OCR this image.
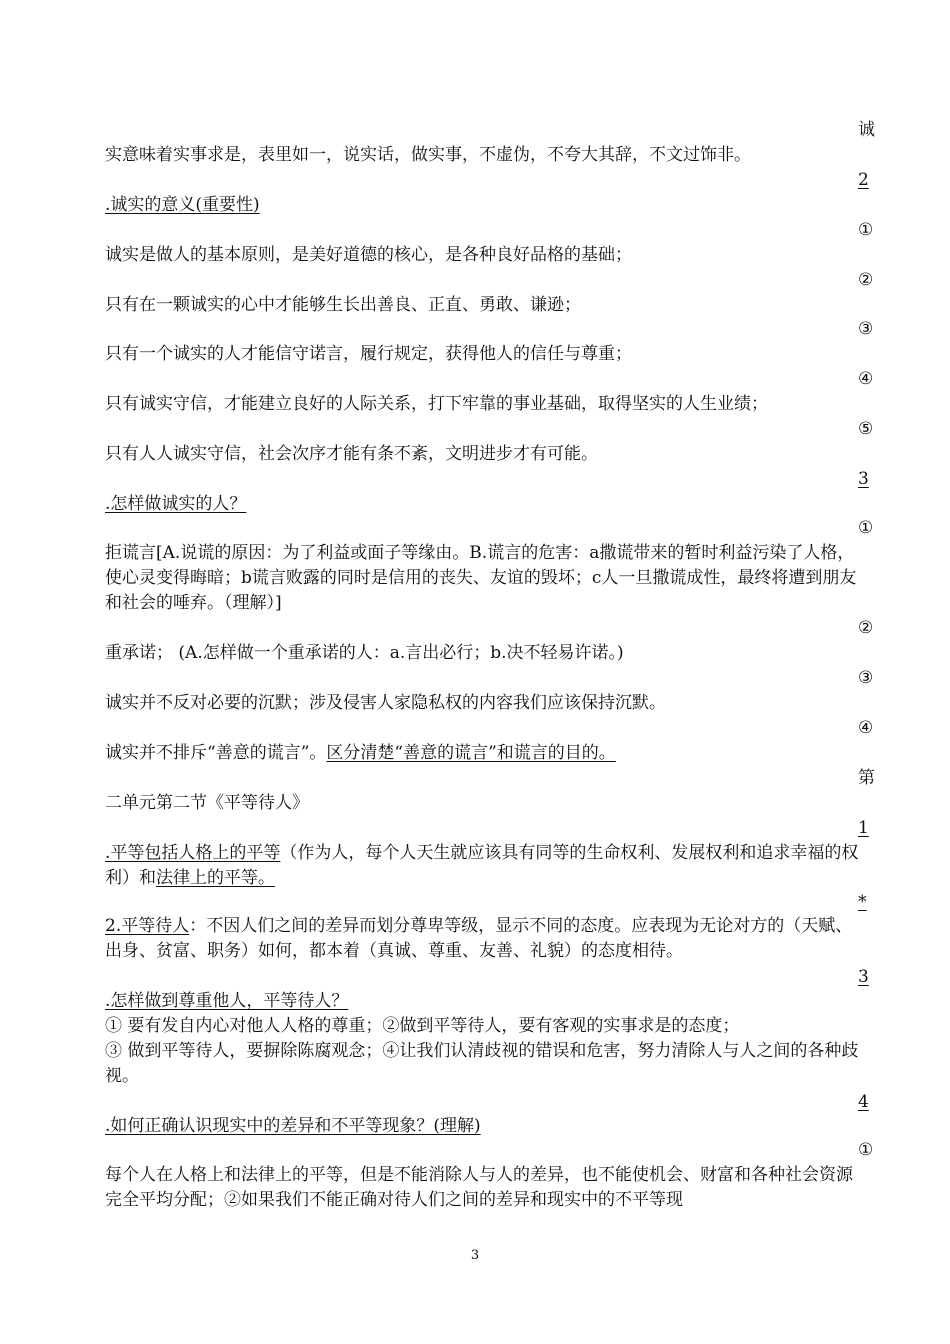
诚
2
①
②
③
④
⑤
3
①
②
③
④
第
1
*
3
4
①
实意味着实事求是，表里如一，说实话，做实事，不虚伪，不夸大其辞，不文过饰非。
.诚实的意义(重要性)
诚实是做人的基本原则，是美好道德的核心，是各种良好品格的基础；
只有在一颗诚实的心中才能够生长出善良、正直、勇敢、谦逊；
只有一个诚实的人才能信守诺言，履行规定，获得他人的信任与尊重；
只有诚实守信，才能建立良好的人际关系，打下牢靠的事业基础，取得坚实的人生业绩；
只有人人诚实守信，社会次序才能有条不紊，文明进步才有可能。
.怎样做诚实的人？
拒谎言[A.说谎的原因：为了利益或面子等缘由。B.谎言的危害：a撒谎带来的暂时利益污染了人格，使心灵变得晦暗；b谎言败露的同时是信用的丧失、友谊的毁坏；c人一旦撒谎成性，最终将遭到朋友和社会的唾弃。（理解）]
重承诺； (A.怎样做一个重承诺的人：a.言出必行；b.决不轻易许诺。)
诚实并不反对必要的沉默；涉及侵害人家隐私权的内容我们应该保持沉默。
诚实并不排斥“善意的谎言”。区分清楚“善意的谎言”和谎言的目的。
二单元第二节《平等待人》
.平等包括人格上的平等（作为人，每个人天生就应该具有同等的生命权利、发展权利和追求幸福的权利）和法律上的平等。
2.平等待人：不因人们之间的差异而划分尊卑等级，显示不同的态度。应表现为无论对方的（天赋、出身、贫富、职务）如何，都本着（真诚、尊重、友善、礼貌）的态度相待。
.怎样做到尊重他人，平等待人？
① 要有发自内心对他人人格的尊重；②做到平等待人，要有客观的实事求是的态度；
③ 做到平等待人，要摒除陈腐观念；④让我们认清歧视的错误和危害，努力清除人与人之间的各种歧视。
.如何正确认识现实中的差异和不平等现象？(理解)
每个人在人格上和法律上的平等，但是不能消除人与人的差异，也不能使机会、财富和各种社会资源完全平均分配；②如果我们不能正确对待人们之间的差异和现实中的不平等现
3
